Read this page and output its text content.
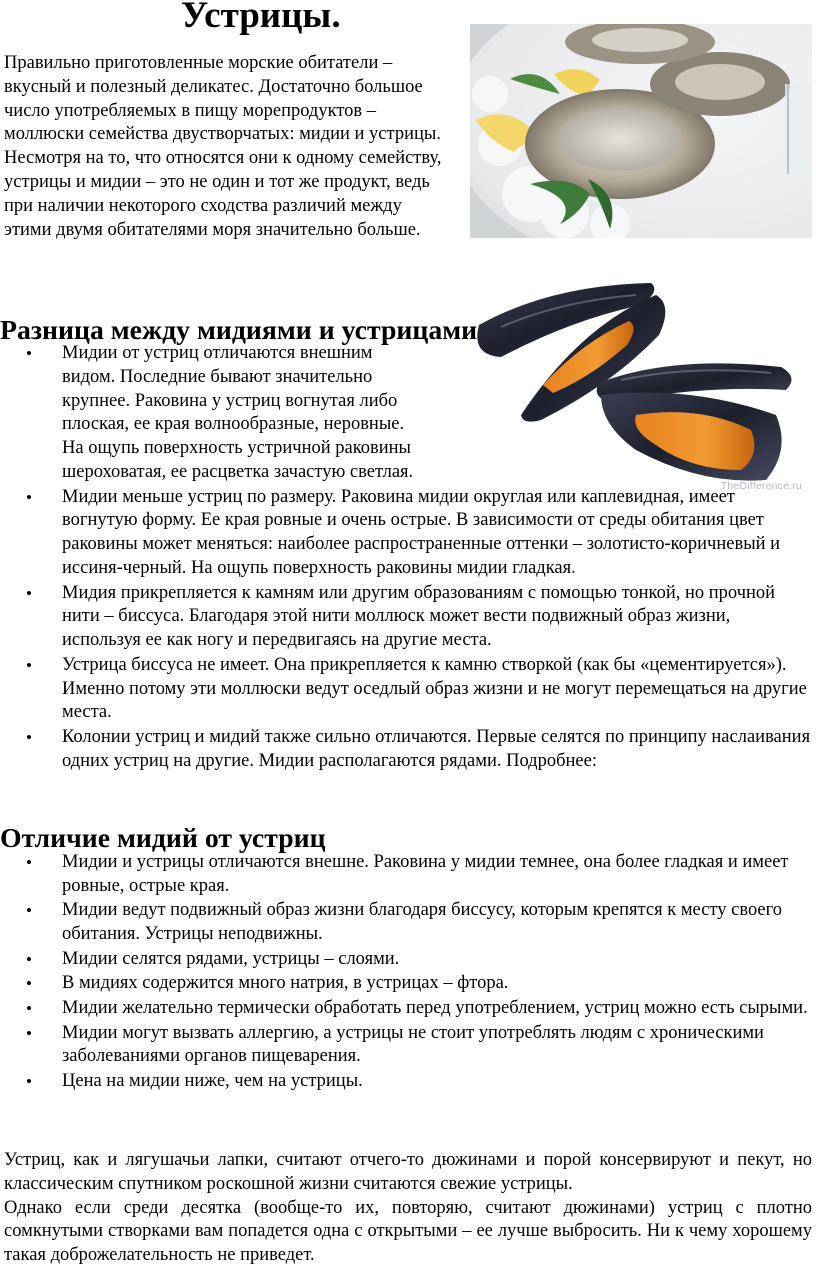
Устрицы.

Правильно приготовленные морские обитатели – вкусный и полезный деликатес. Достаточно большое число употребляемых в пищу морепродуктов – моллюски семейства двустворчатых: мидии и устрицы. Несмотря на то, что относятся они к одному семейству, устрицы и мидии – это не один и тот же продукт, ведь при наличии некоторого сходства различий между этими двумя обитателями моря значительно больше.

TheDifference.ru
Разница между мидиями и устрицами
• Мидии от устриц отличаются внешним видом. Последние бывают значительно крупнее. Раковина у устриц вогнутая либо плоская, ее края волнообразные, неровные. На ощупь поверхность устричной раковины шероховатая, ее расцветка зачастую светлая.
• Мидии меньше устриц по размеру. Раковина мидии округлая или каплевидная, имеет вогнутую форму. Ее края ровные и очень острые. В зависимости от среды обитания цвет раковины может меняться: наиболее распространенные оттенки – золотисто-коричневый и иссиня-черный. На ощупь поверхность раковины мидии гладкая.
• Мидия прикрепляется к камням или другим образованиям с помощью тонкой, но прочной нити – биссуса. Благодаря этой нити моллюск может вести подвижный образ жизни, используя ее как ногу и передвигаясь на другие места.
• Устрица биссуса не имеет. Она прикрепляется к камню створкой (как бы «цементируется»). Именно потому эти моллюски ведут оседлый образ жизни и не могут перемещаться на другие места.
• Колонии устриц и мидий также сильно отличаются. Первые селятся по принципу наслаивания одних устриц на другие. Мидии располагаются рядами. Подробнее:
Отличие мидий от устриц
• Мидии и устрицы отличаются внешне. Раковина у мидии темнее, она более гладкая и имеет ровные, острые края.
• Мидии ведут подвижный образ жизни благодаря биссусу, которым крепятся к месту своего обитания. Устрицы неподвижны.
• Мидии селятся рядами, устрицы – слоями.
• В мидиях содержится много натрия, в устрицах – фтора.
• Мидии желательно термически обработать перед употреблением, устриц можно есть сырыми.
• Мидии могут вызвать аллергию, а устрицы не стоит употреблять людям с хроническими заболеваниями органов пищеварения.
• Цена на мидии ниже, чем на устрицы.

Устриц, как и лягушачьи лапки, считают отчего-то дюжинами и порой консервируют и пекут, но классическим спутником роскошной жизни считаются свежие устрицы.

Однако если среди десятка (вообще-то их, повторяю, считают дюжинами) устриц с плотно сомкнутыми створками вам попадется одна с открытыми – ее лучше выбросить. Ни к чему хорошему такая доброжелательность не приведет.
